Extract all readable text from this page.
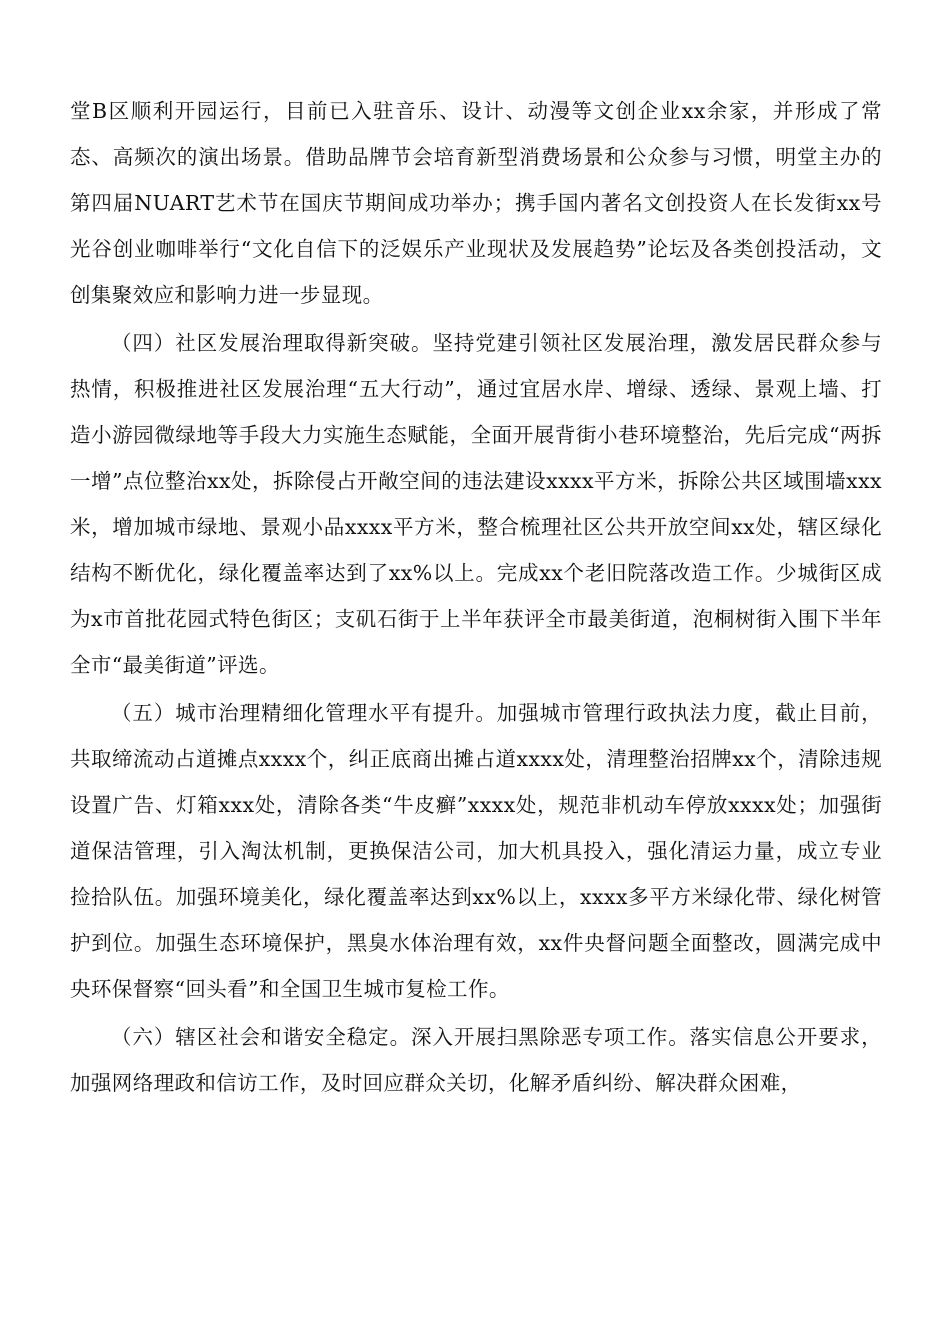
堂B区顺利开园运行，目前已入驻音乐、设计、动漫等文创企业xx余家，并形成了常态、高频次的演出场景。借助品牌节会培育新型消费场景和公众参与习惯，明堂主办的第四届NUART艺术节在国庆节期间成功举办；携手国内著名文创投资人在长发街xx号光谷创业咖啡举行“文化自信下的泛娱乐产业现状及发展趋势”论坛及各类创投活动，文创集聚效应和影响力进一步显现。

（四）社区发展治理取得新突破。坚持党建引领社区发展治理，激发居民群众参与热情，积极推进社区发展治理“五大行动”，通过宜居水岸、增绿、透绿、景观上墙、打造小游园微绿地等手段大力实施生态赋能，全面开展背街小巷环境整治，先后完成“两拆一增”点位整治xx处，拆除侵占开敞空间的违法建设xxxx平方米，拆除公共区域围墙xxx米，增加城市绿地、景观小品xxxx平方米，整合梳理社区公共开放空间xx处，辖区绿化结构不断优化，绿化覆盖率达到了xx%以上。完成xx个老旧院落改造工作。少城街区成为x市首批花园式特色街区；支矶石街于上半年获评全市最美街道，泡桐树街入围下半年全市“最美街道”评选。

（五）城市治理精细化管理水平有提升。加强城市管理行政执法力度，截止目前，共取缔流动占道摊点xxxx个，纠正底商出摊占道xxxx处，清理整治招牌xx个，清除违规设置广告、灯箱xxx处，清除各类“牛皮癣”xxxx处，规范非机动车停放xxxx处；加强街道保洁管理，引入淘汰机制，更换保洁公司，加大机具投入，强化清运力量，成立专业捡拾队伍。加强环境美化，绿化覆盖率达到xx%以上，xxxx多平方米绿化带、绿化树管护到位。加强生态环境保护，黑臭水体治理有效，xx件央督问题全面整改，圆满完成中央环保督察“回头看”和全国卫生城市复检工作。

（六）辖区社会和谐安全稳定。深入开展扫黑除恶专项工作。落实信息公开要求，加强网络理政和信访工作，及时回应群众关切，化解矛盾纠纷、解决群众困难，
